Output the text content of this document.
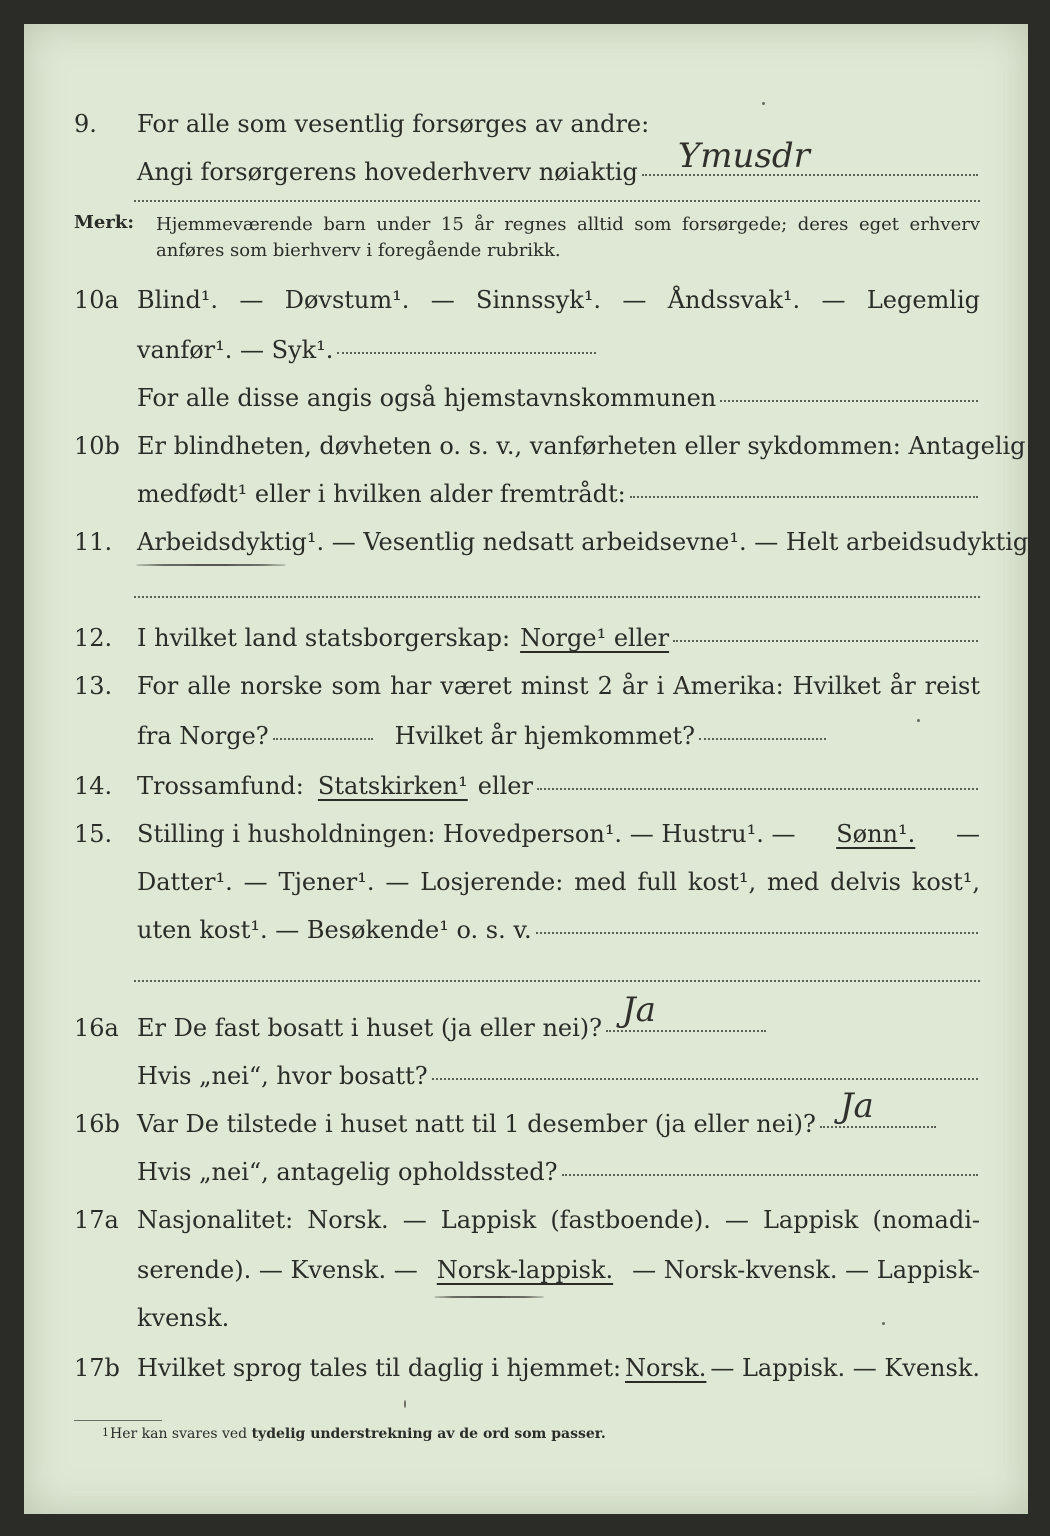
9. For alle som vesentlig forsørges av andre:
Angi forsørgerens hovederhverv nøiaktig Ymusdr
Merk: Hjemmeværende barn under 15 år regnes alltid som forsørgede; deres eget erhverv
anføres som bierhverv i foregående rubrikk.
10a Blind¹. — Døvstum¹. — Sinnssyk¹. — Åndssvak¹. — Legemlig
vanfør¹. — Syk¹.
For alle disse angis også hjemstavnskommunen
10b Er blindheten, døvheten o. s. v., vanførheten eller sykdommen: Antagelig
medfødt¹ eller i hvilken alder fremtrådt:
11. Arbeidsdyktig¹. — Vesentlig nedsatt arbeidsevne¹. — Helt arbeidsudyktig¹.
12. I hvilket land statsborgerskap: Norge¹ eller
13. For alle norske som har været minst 2 år i Amerika: Hvilket år reist
fra Norge?	Hvilket år hjemkommet?
14. Trossamfund: Statskirken¹ eller
15. Stilling i husholdningen: Hovedperson¹. — Hustru¹. — Sønn¹. —
Datter¹. — Tjener¹. — Losjerende: med full kost¹, med delvis kost¹,
uten kost¹. — Besøkende¹ o. s. v.
16a Er De fast bosatt i huset (ja eller nei)? Ja
Hvis „nei“, hvor bosatt?
16b Var De tilstede i huset natt til 1 desember (ja eller nei)? Ja
Hvis „nei“, antagelig opholdssted?
17a Nasjonalitet: Norsk. — Lappisk (fastboende). — Lappisk (nomadi-
serende). — Kvensk. — Norsk-lappisk. — Norsk-kvensk. — Lappisk-
kvensk.
17b Hvilket sprog tales til daglig i hjemmet: Norsk. — Lappisk. — Kvensk.
1 Her kan svares ved tydelig understrekning av de ord som passer.
